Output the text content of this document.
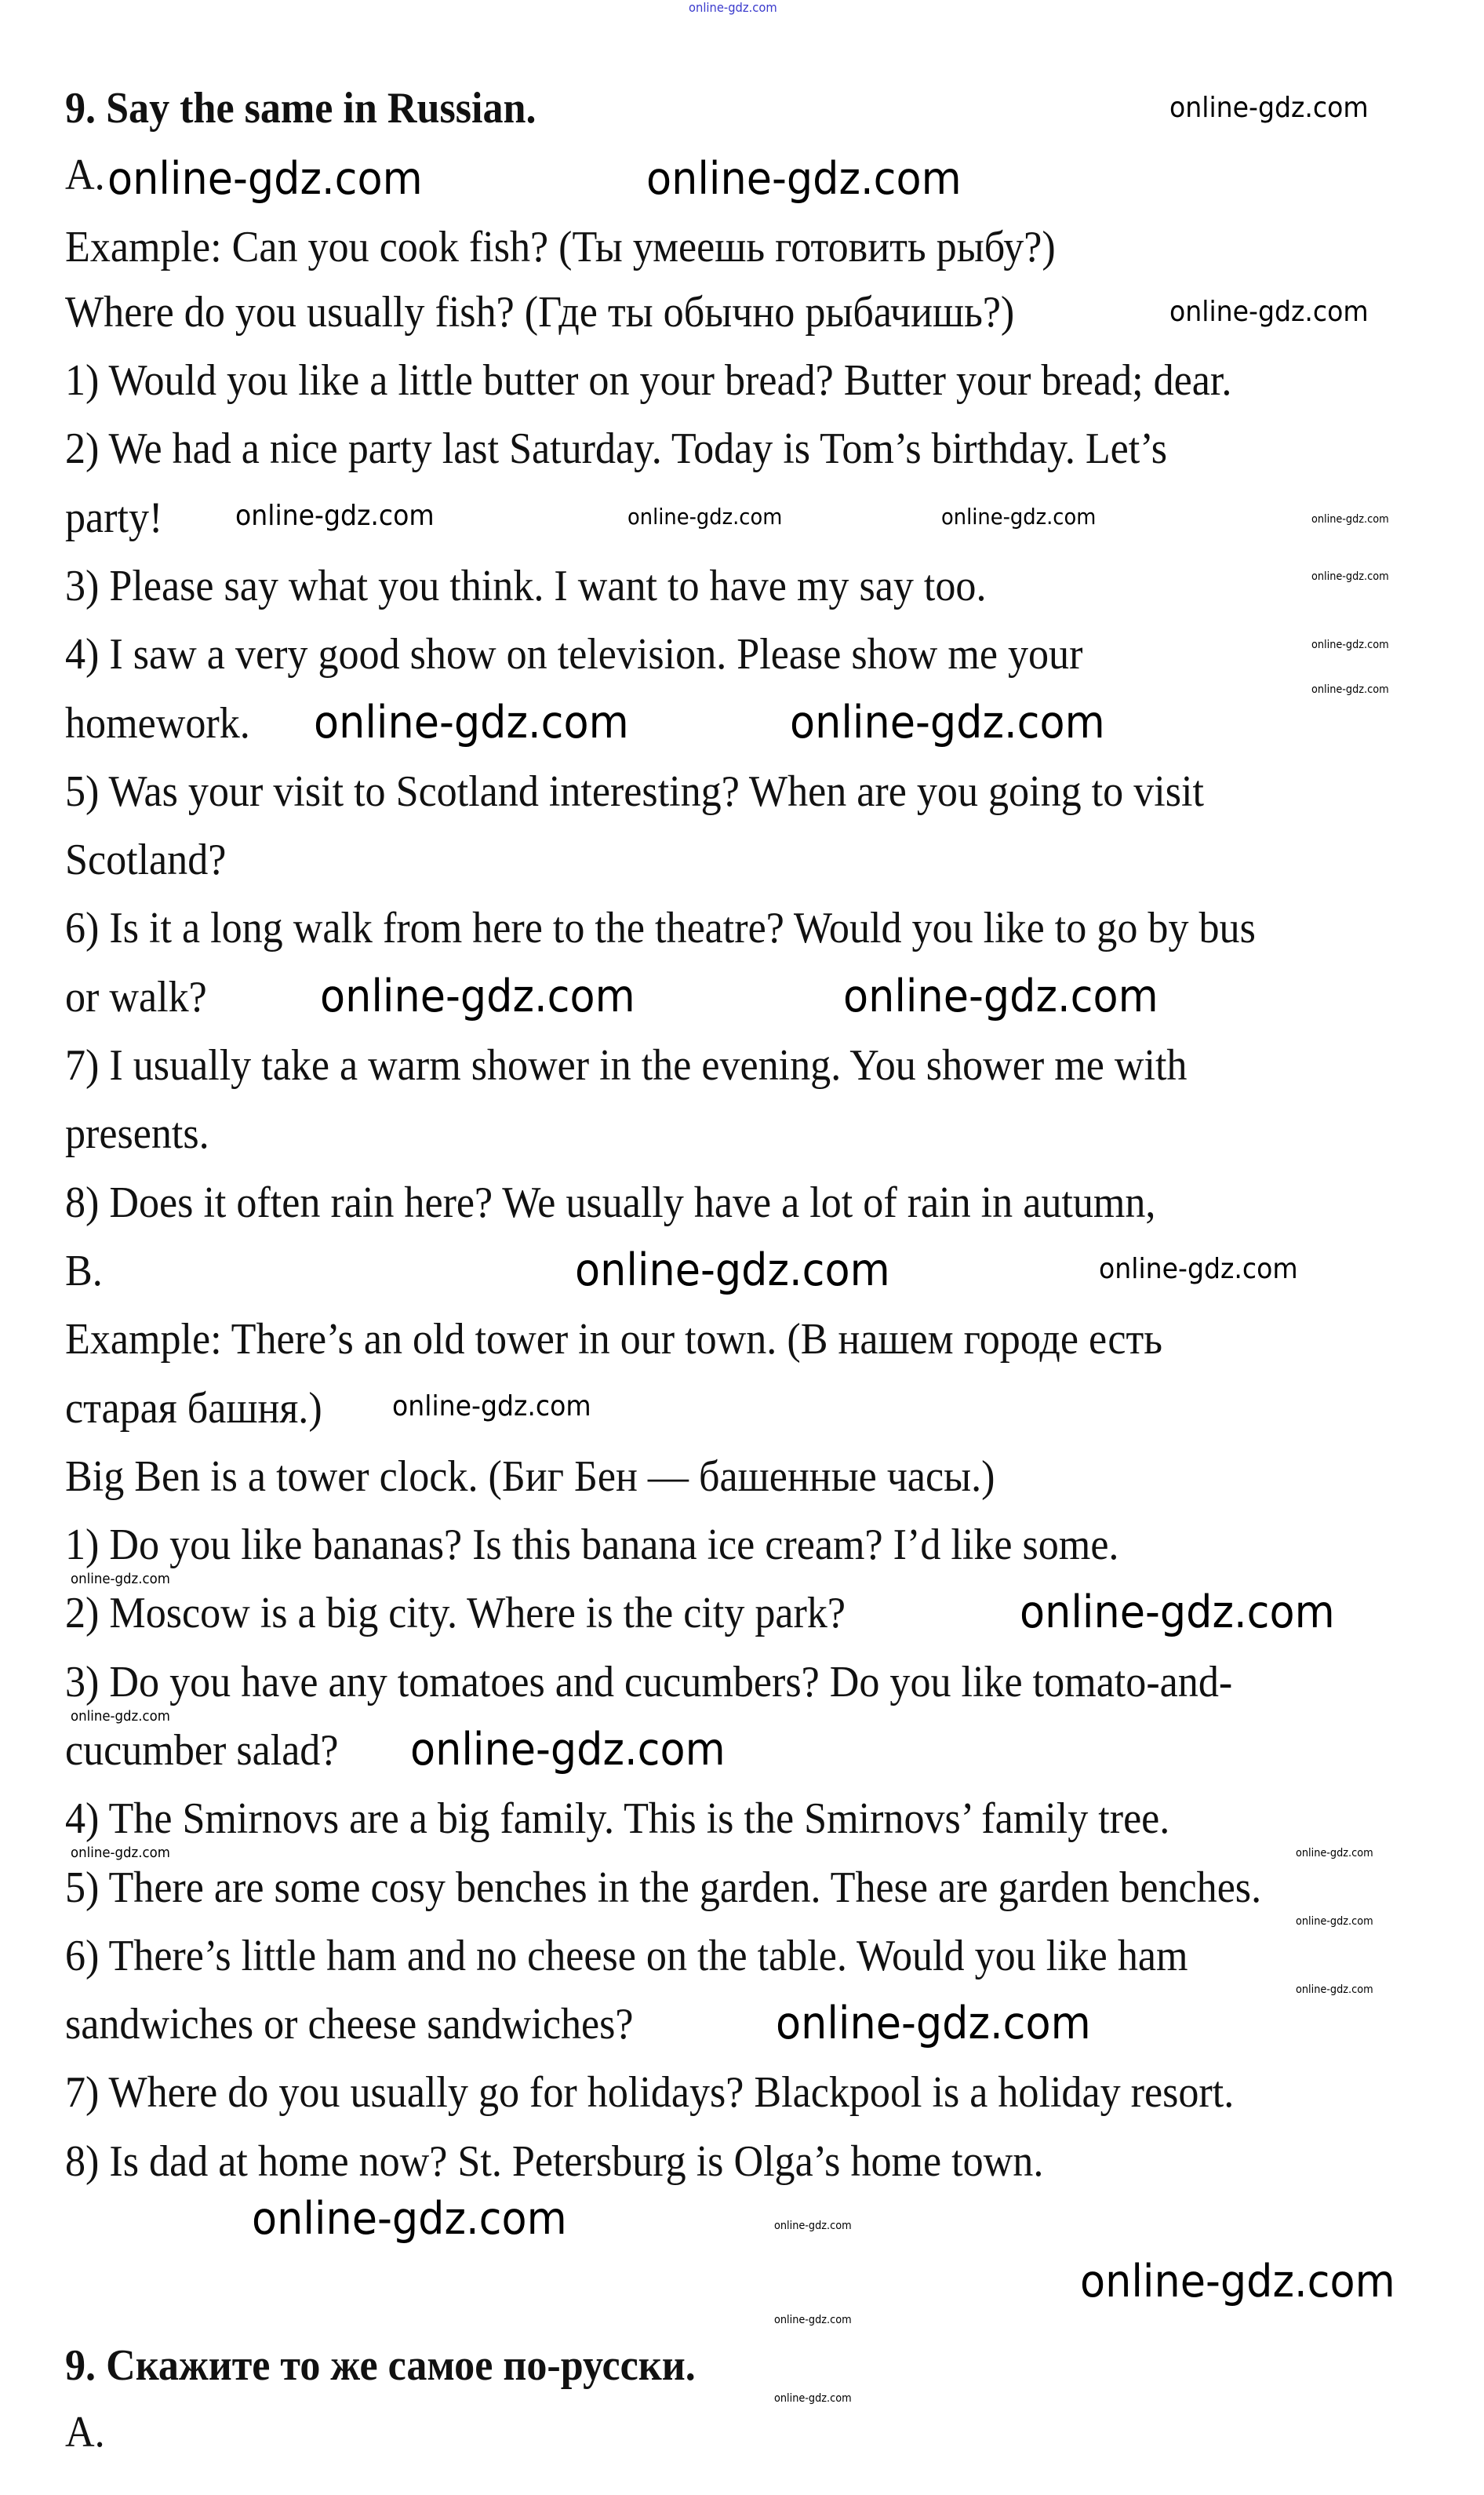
9. Say the same in Russian.
A.
Example: Can you cook fish? (Ты умеешь готовить рыбу?)
Where do you usually fish? (Где ты обычно рыбачишь?)
1) Would you like a little butter on your bread? Butter your bread; dear.
2) We had a nice party last Saturday. Today is Tom’s birthday. Let’s
party!
3) Please say what you think. I want to have my say too.
4) I saw a very good show on television. Please show me your
homework.
5) Was your visit to Scotland interesting? When are you going to visit
Scotland?
6) Is it a long walk from here to the theatre? Would you like to go by bus
or walk?
7) I usually take a warm shower in the evening. You shower me with
presents.
8) Does it often rain here? We usually have a lot of rain in autumn,
B.
Example: There’s an old tower in our town. (В нашем городе есть
старая башня.)
Big Ben is a tower clock. (Биг Бен — башенные часы.)
1) Do you like bananas? Is this banana ice cream? I’d like some.
2) Moscow is a big city. Where is the city park?
3) Do you have any tomatoes and cucumbers? Do you like tomato-and-
cucumber salad?
4) The Smirnovs are a big family. This is the Smirnovs’ family tree.
5) There are some cosy benches in the garden. These are garden benches.
6) There’s little ham and no cheese on the table. Would you like ham
sandwiches or cheese sandwiches?
7) Where do you usually go for holidays? Blackpool is a holiday resort.
8) Is dad at home now? St. Petersburg is Olga’s home town.
9. Скажите то же самое по-русски.
A.
online-gdz.com	online-gdz.com
online-gdz.com	online-gdz.com
online-gdz.com	online-gdz.com
online-gdz.com
online-gdz.com
online-gdz.com
online-gdz.com
online-gdz.com
online-gdz.com
online-gdz.com
online-gdz.com
online-gdz.com
online-gdz.com
online-gdz.com
online-gdz.com	online-gdz.com	online-gdz.com
online-gdz.com
online-gdz.com
online-gdz.com
online-gdz.com
online-gdz.com
online-gdz.com	online-gdz.com
online-gdz.com
online-gdz.com
online-gdz.com
online-gdz.com
online-gdz.com
online-gdz.com
